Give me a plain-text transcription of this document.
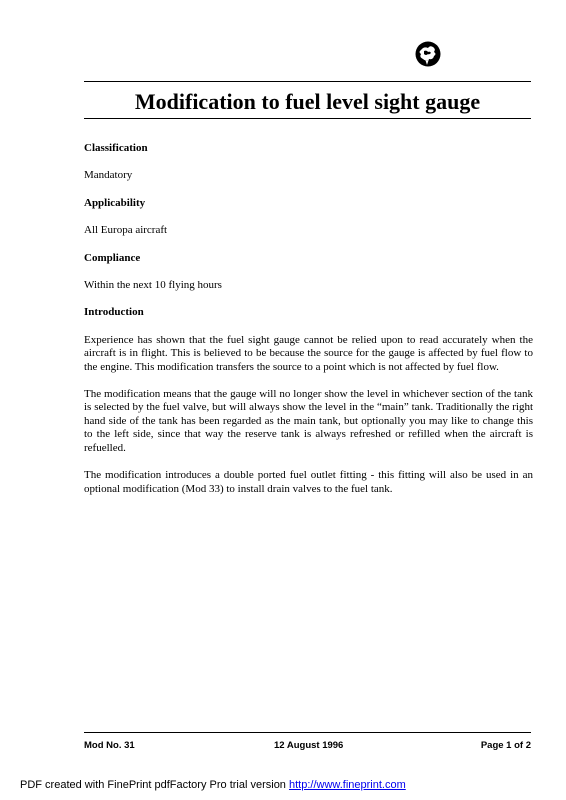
Modification to fuel level sight gauge
Classification

Mandatory

Applicability

All Europa aircraft

Compliance

Within the next 10 flying hours

Introduction

Experience has shown that the fuel sight gauge cannot be relied upon to read accurately when the aircraft is in flight. This is believed to be because the source for the gauge is affected by fuel flow to the engine. This modification transfers the source to a point which is not affected by fuel flow.

The modification means that the gauge will no longer show the level in whichever section of the tank is selected by the fuel valve, but will always show the level in the “main” tank. Traditionally the right hand side of the tank has been regarded as the main tank, but optionally you may like to change this to the left side, since that way the reserve tank is always refreshed or refilled when the aircraft is refuelled.

The modification introduces a double ported fuel outlet fitting - this fitting will also be used in an optional modification (Mod 33) to install drain valves to the fuel tank.

Mod No. 31	12 August 1996	Page 1 of 2
PDF created with FinePrint pdfFactory Pro trial version http://www.fineprint.com
